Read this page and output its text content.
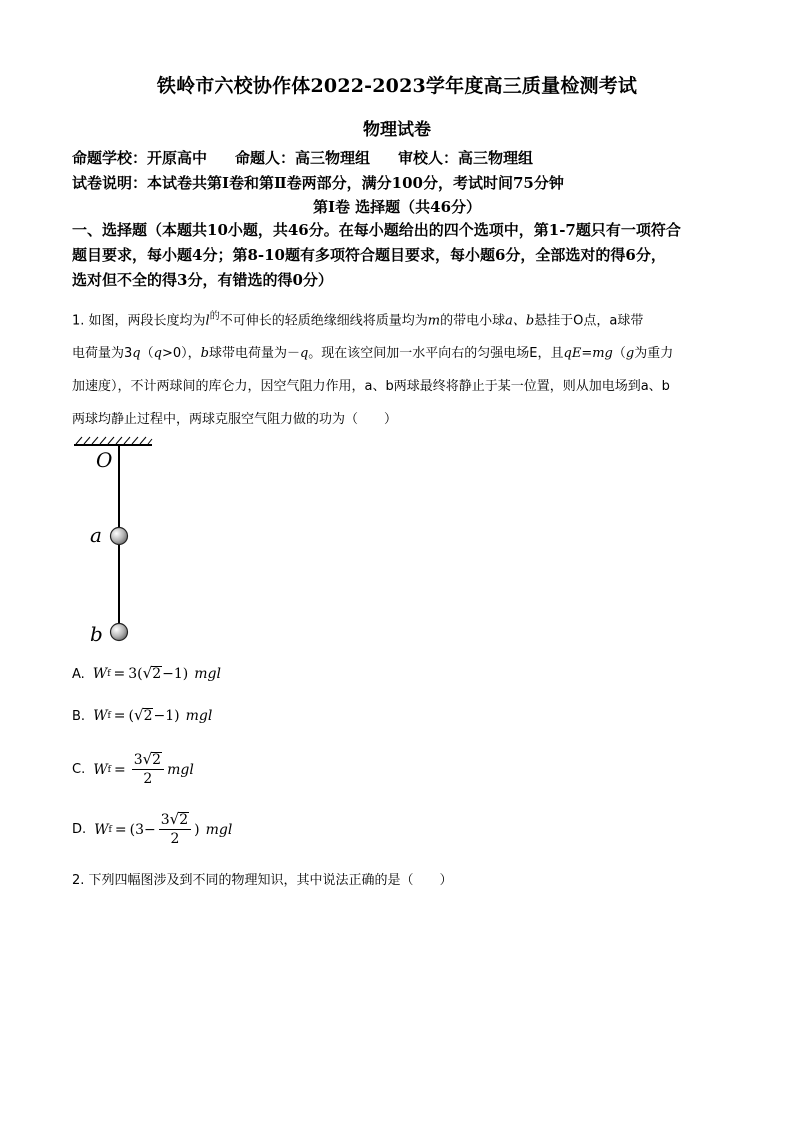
铁岭市六校协作体2022-2023学年度高三质量检测考试
物理试卷
命题学校：开原高中 命题人：高三物理组 审校人：高三物理组
试卷说明：本试卷共第Ⅰ卷和第Ⅱ卷两部分，满分100分，考试时间75分钟
第Ⅰ卷 选择题（共46分）
一、选择题（本题共10小题，共46分。在每小题给出的四个选项中，第1-7题只有一项符合
题目要求，每小题4分；第8-10题有多项符合题目要求，每小题6分，全部选对的得6分，
选对但不全的得3分，有错选的得0分）
1. 如图，两段长度均为$l^的$不可伸长的轻质绝缘细线将质量均为m的带电小球a、b悬挂于O点，a球带
电荷量为3q（q>0），b球带电荷量为－q。现在该空间加一水平向右的匀强电场E，且qE=mg（g为重力
加速度），不计两球间的库仑力，因空气阻力作用，a、b两球最终将静止于某一位置，则从加电场到a、b
两球均静止过程中，两球克服空气阻力做的功为（　　）
O
a
b
A. W f = 3( √ 2 −1) mgl
B. W f = ( √ 2 −1) mgl
C. W $f = \frac{3 √ 2}{2}$ mgl
D. W $f = (3- \frac{3 √ 2}{2}$ ) mgl
2. 下列四幅图涉及到不同的物理知识，其中说法正确的是（　　）
